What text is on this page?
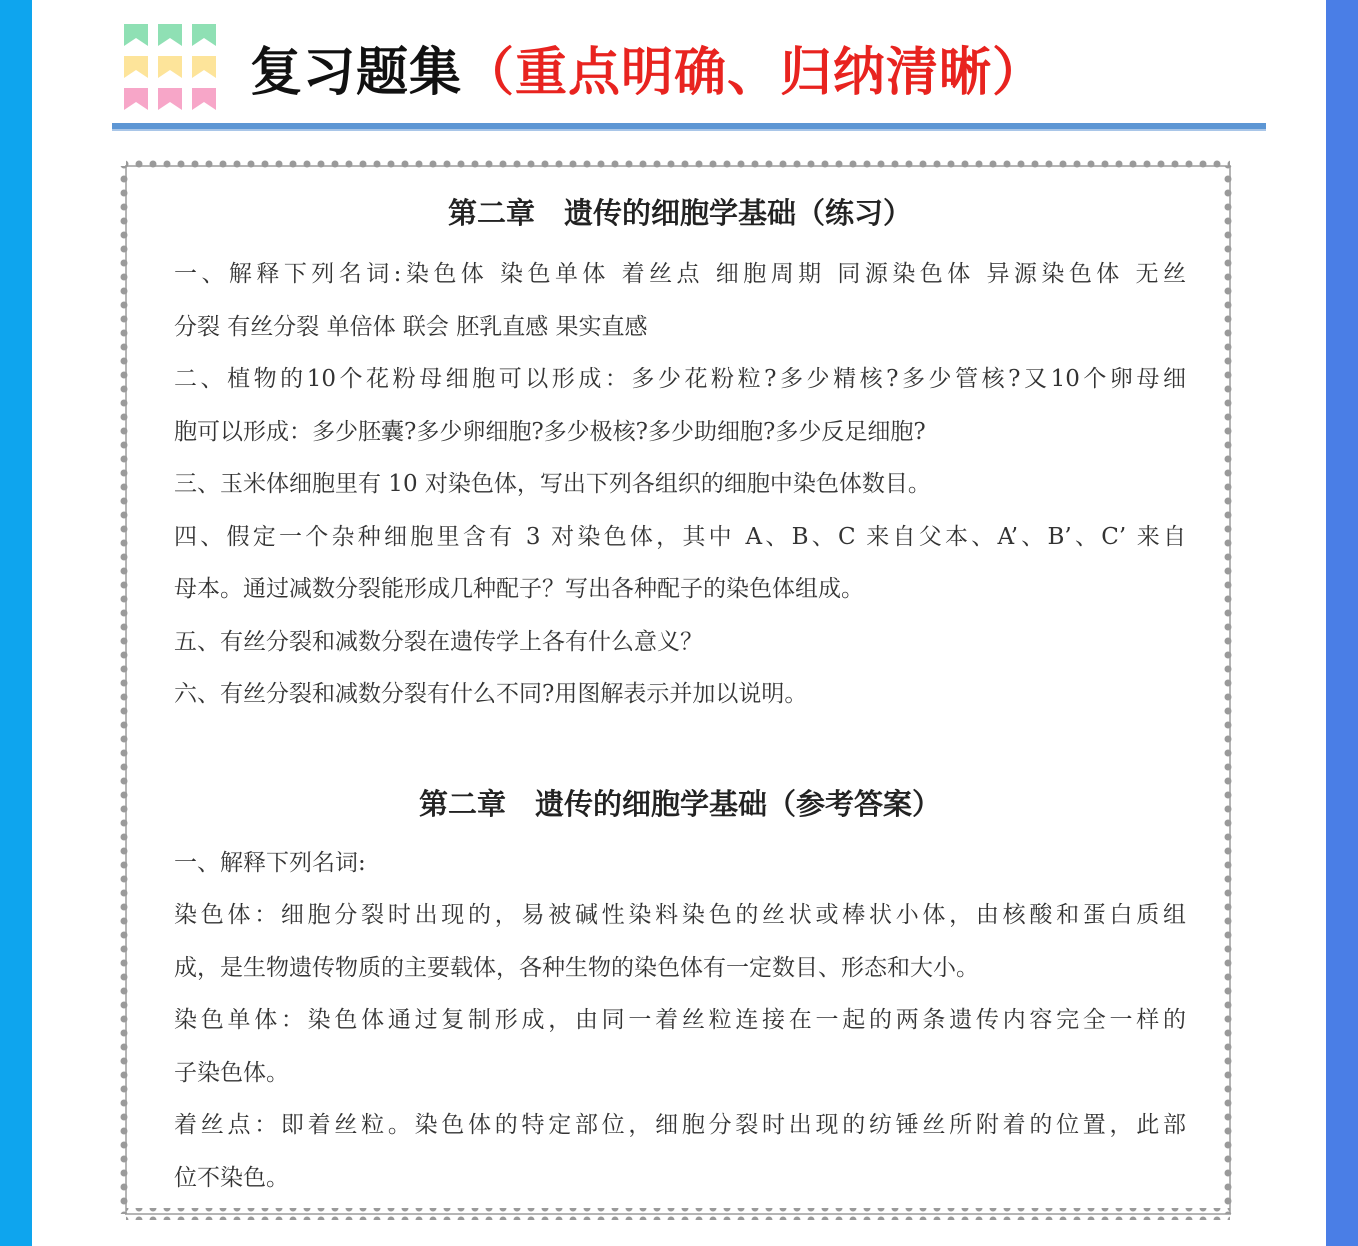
复习题集（重点明确、归纳清晰）
第二章　遗传的细胞学基础（练习）
一、解释下列名词:染色体 染色单体 着丝点 细胞周期 同源染色体 异源染色体 无丝
分裂 有丝分裂 单倍体 联会 胚乳直感 果实直感
二、植物的10个花粉母细胞可以形成：多少花粉粒?多少精核?多少管核?又10个卵母细
胞可以形成：多少胚囊?多少卵细胞?多少极核?多少助细胞?多少反足细胞?
三、玉米体细胞里有 10 对染色体，写出下列各组织的细胞中染色体数目。
四、假定一个杂种细胞里含有 3 对染色体，其中 A、B、C 来自父本、A’、B’、C’ 来自
母本。通过减数分裂能形成几种配子？写出各种配子的染色体组成。
五、有丝分裂和减数分裂在遗传学上各有什么意义？
六、有丝分裂和减数分裂有什么不同?用图解表示并加以说明。
第二章　遗传的细胞学基础（参考答案）
一、解释下列名词:
染色体：细胞分裂时出现的，易被碱性染料染色的丝状或棒状小体，由核酸和蛋白质组
成，是生物遗传物质的主要载体，各种生物的染色体有一定数目、形态和大小。
染色单体：染色体通过复制形成，由同一着丝粒连接在一起的两条遗传内容完全一样的
子染色体。
着丝点：即着丝粒。染色体的特定部位，细胞分裂时出现的纺锤丝所附着的位置，此部
位不染色。
